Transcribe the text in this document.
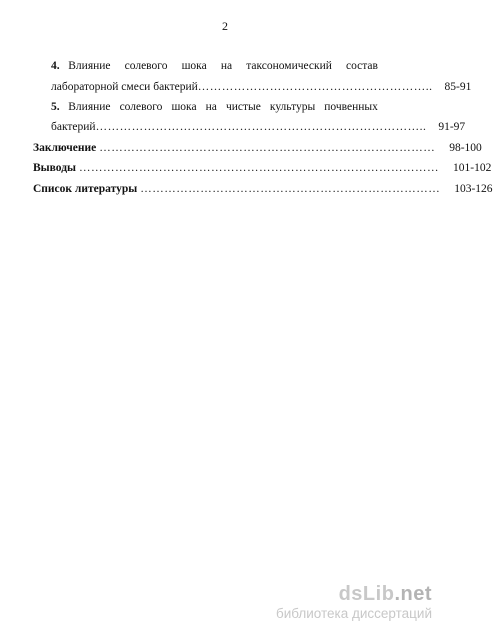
2
4. Влияние солевого шока на таксономический состав
лабораторной смеси бактерий ………………………………………………….. 85-91
5. Влияние солевого шока на чистые культуры почвенных
бактерий ……………………………………………………………………….. 91-97
Заключение ………………………………………………………………………… 98-100
Выводы ……………………………………………………………………………… 101-102
Список литературы ………………………………………………………………… 103-126
dsLib.net
библиотека диссертаций
